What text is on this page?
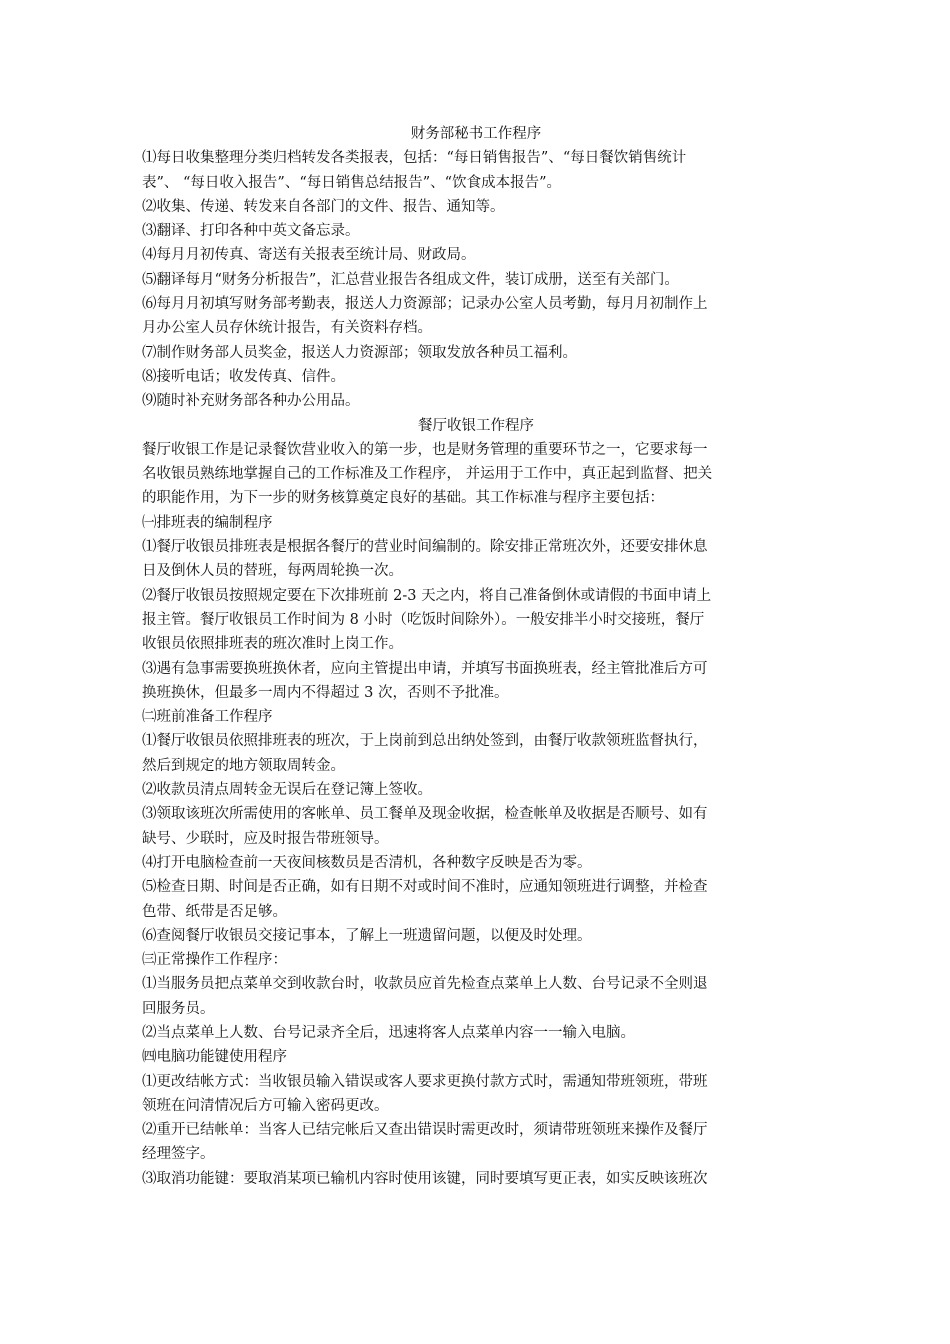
财务部秘书工作程序
⑴每日收集整理分类归档转发各类报表，包括：“每日销售报告”、“每日餐饮销售统计
表”、 “每日收入报告”、“每日销售总结报告”、“饮食成本报告”。
⑵收集、传递、转发来自各部门的文件、报告、通知等。
⑶翻译、打印各种中英文备忘录。
⑷每月月初传真、寄送有关报表至统计局、财政局。
⑸翻译每月“财务分析报告”，汇总营业报告各组成文件，装订成册，送至有关部门。
⑹每月月初填写财务部考勤表，报送人力资源部；记录办公室人员考勤，每月月初制作上
月办公室人员存休统计报告，有关资料存档。
⑺制作财务部人员奖金，报送人力资源部；领取发放各种员工福利。
⑻接听电话；收发传真、信件。
⑼随时补充财务部各种办公用品。
餐厅收银工作程序
餐厅收银工作是记录餐饮营业收入的第一步，也是财务管理的重要环节之一，它要求每一
名收银员熟练地掌握自己的工作标准及工作程序， 并运用于工作中，真正起到监督、把关
的职能作用，为下一步的财务核算奠定良好的基础。其工作标准与程序主要包括：
㈠排班表的编制程序
⑴餐厅收银员排班表是根据各餐厅的营业时间编制的。除安排正常班次外，还要安排休息
日及倒休人员的替班，每两周轮换一次。
⑵餐厅收银员按照规定要在下次排班前 2-3 天之内，将自己准备倒休或请假的书面申请上
报主管。餐厅收银员工作时间为 8 小时（吃饭时间除外）。一般安排半小时交接班，餐厅
收银员依照排班表的班次准时上岗工作。
⑶遇有急事需要换班换休者，应向主管提出申请，并填写书面换班表，经主管批准后方可
换班换休，但最多一周内不得超过 3 次，否则不予批准。
㈡班前准备工作程序
⑴餐厅收银员依照排班表的班次，于上岗前到总出纳处签到，由餐厅收款领班监督执行，
然后到规定的地方领取周转金。
⑵收款员清点周转金无误后在登记簿上签收。
⑶领取该班次所需使用的客帐单、员工餐单及现金收据，检查帐单及收据是否顺号、如有
缺号、少联时，应及时报告带班领导。
⑷打开电脑检查前一天夜间核数员是否清机，各种数字反映是否为零。
⑸检查日期、时间是否正确，如有日期不对或时间不准时，应通知领班进行调整，并检查
色带、纸带是否足够。
⑹查阅餐厅收银员交接记事本，了解上一班遗留问题，以便及时处理。
㈢正常操作工作程序：
⑴当服务员把点菜单交到收款台时，收款员应首先检查点菜单上人数、台号记录不全则退
回服务员。
⑵当点菜单上人数、台号记录齐全后，迅速将客人点菜单内容一一输入电脑。
㈣电脑功能键使用程序
⑴更改结帐方式：当收银员输入错误或客人要求更换付款方式时，需通知带班领班，带班
领班在问清情况后方可输入密码更改。
⑵重开已结帐单：当客人已结完帐后又查出错误时需更改时，须请带班领班来操作及餐厅
经理签字。
⑶取消功能键：要取消某项已输机内容时使用该键，同时要填写更正表，如实反映该班次
